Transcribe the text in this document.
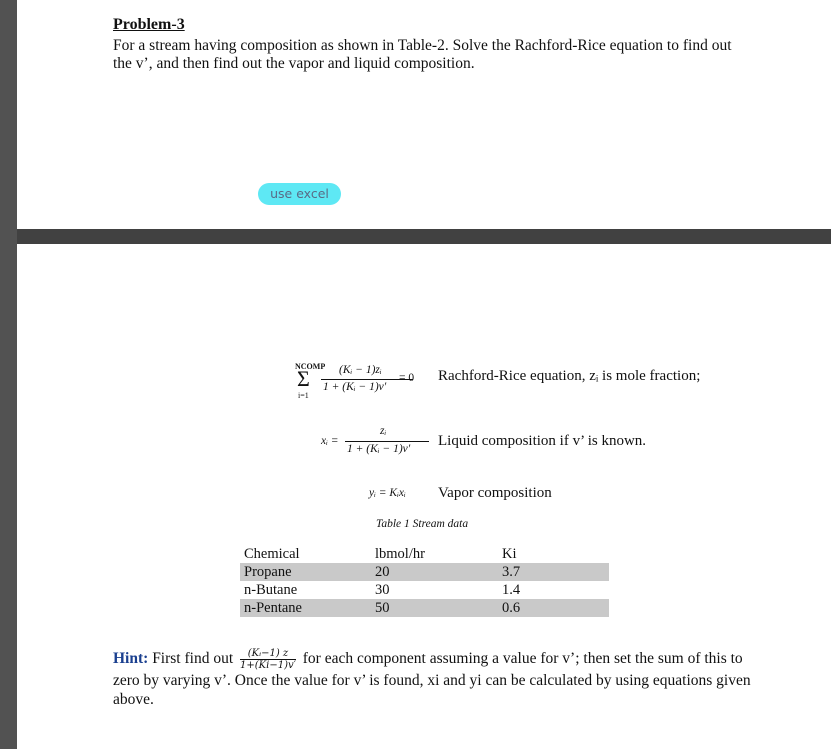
Problem-3
For a stream having composition as shown in Table-2. Solve the Rachford-Rice equation to find out the v’, and then find out the vapor and liquid composition.
use excel
NCOMP
Σ
i=1
(Kᵢ − 1)zᵢ
1 + (Kᵢ − 1)v′
= 0 Rachford-Rice equation, zᵢ is mole fraction;
xᵢ =
zᵢ
1 + (Kᵢ − 1)v′ Liquid composition if v’ is known.
yᵢ = Kᵢxᵢ Vapor composition
Table 1 Stream data
Chemical	lbmol/hr	Ki
Propane	20	3.7
n-Butane	30	1.4
n-Pentane	50	0.6
Hint: First find out $\frac{\text{(Kᵢ−1) z}}{1+(Ki-1)v'}$ for each component assuming a value for v’; then set the sum of this to zero by varying v’. Once the value for v’ is found, xi and yi can be calculated by using equations given above.
